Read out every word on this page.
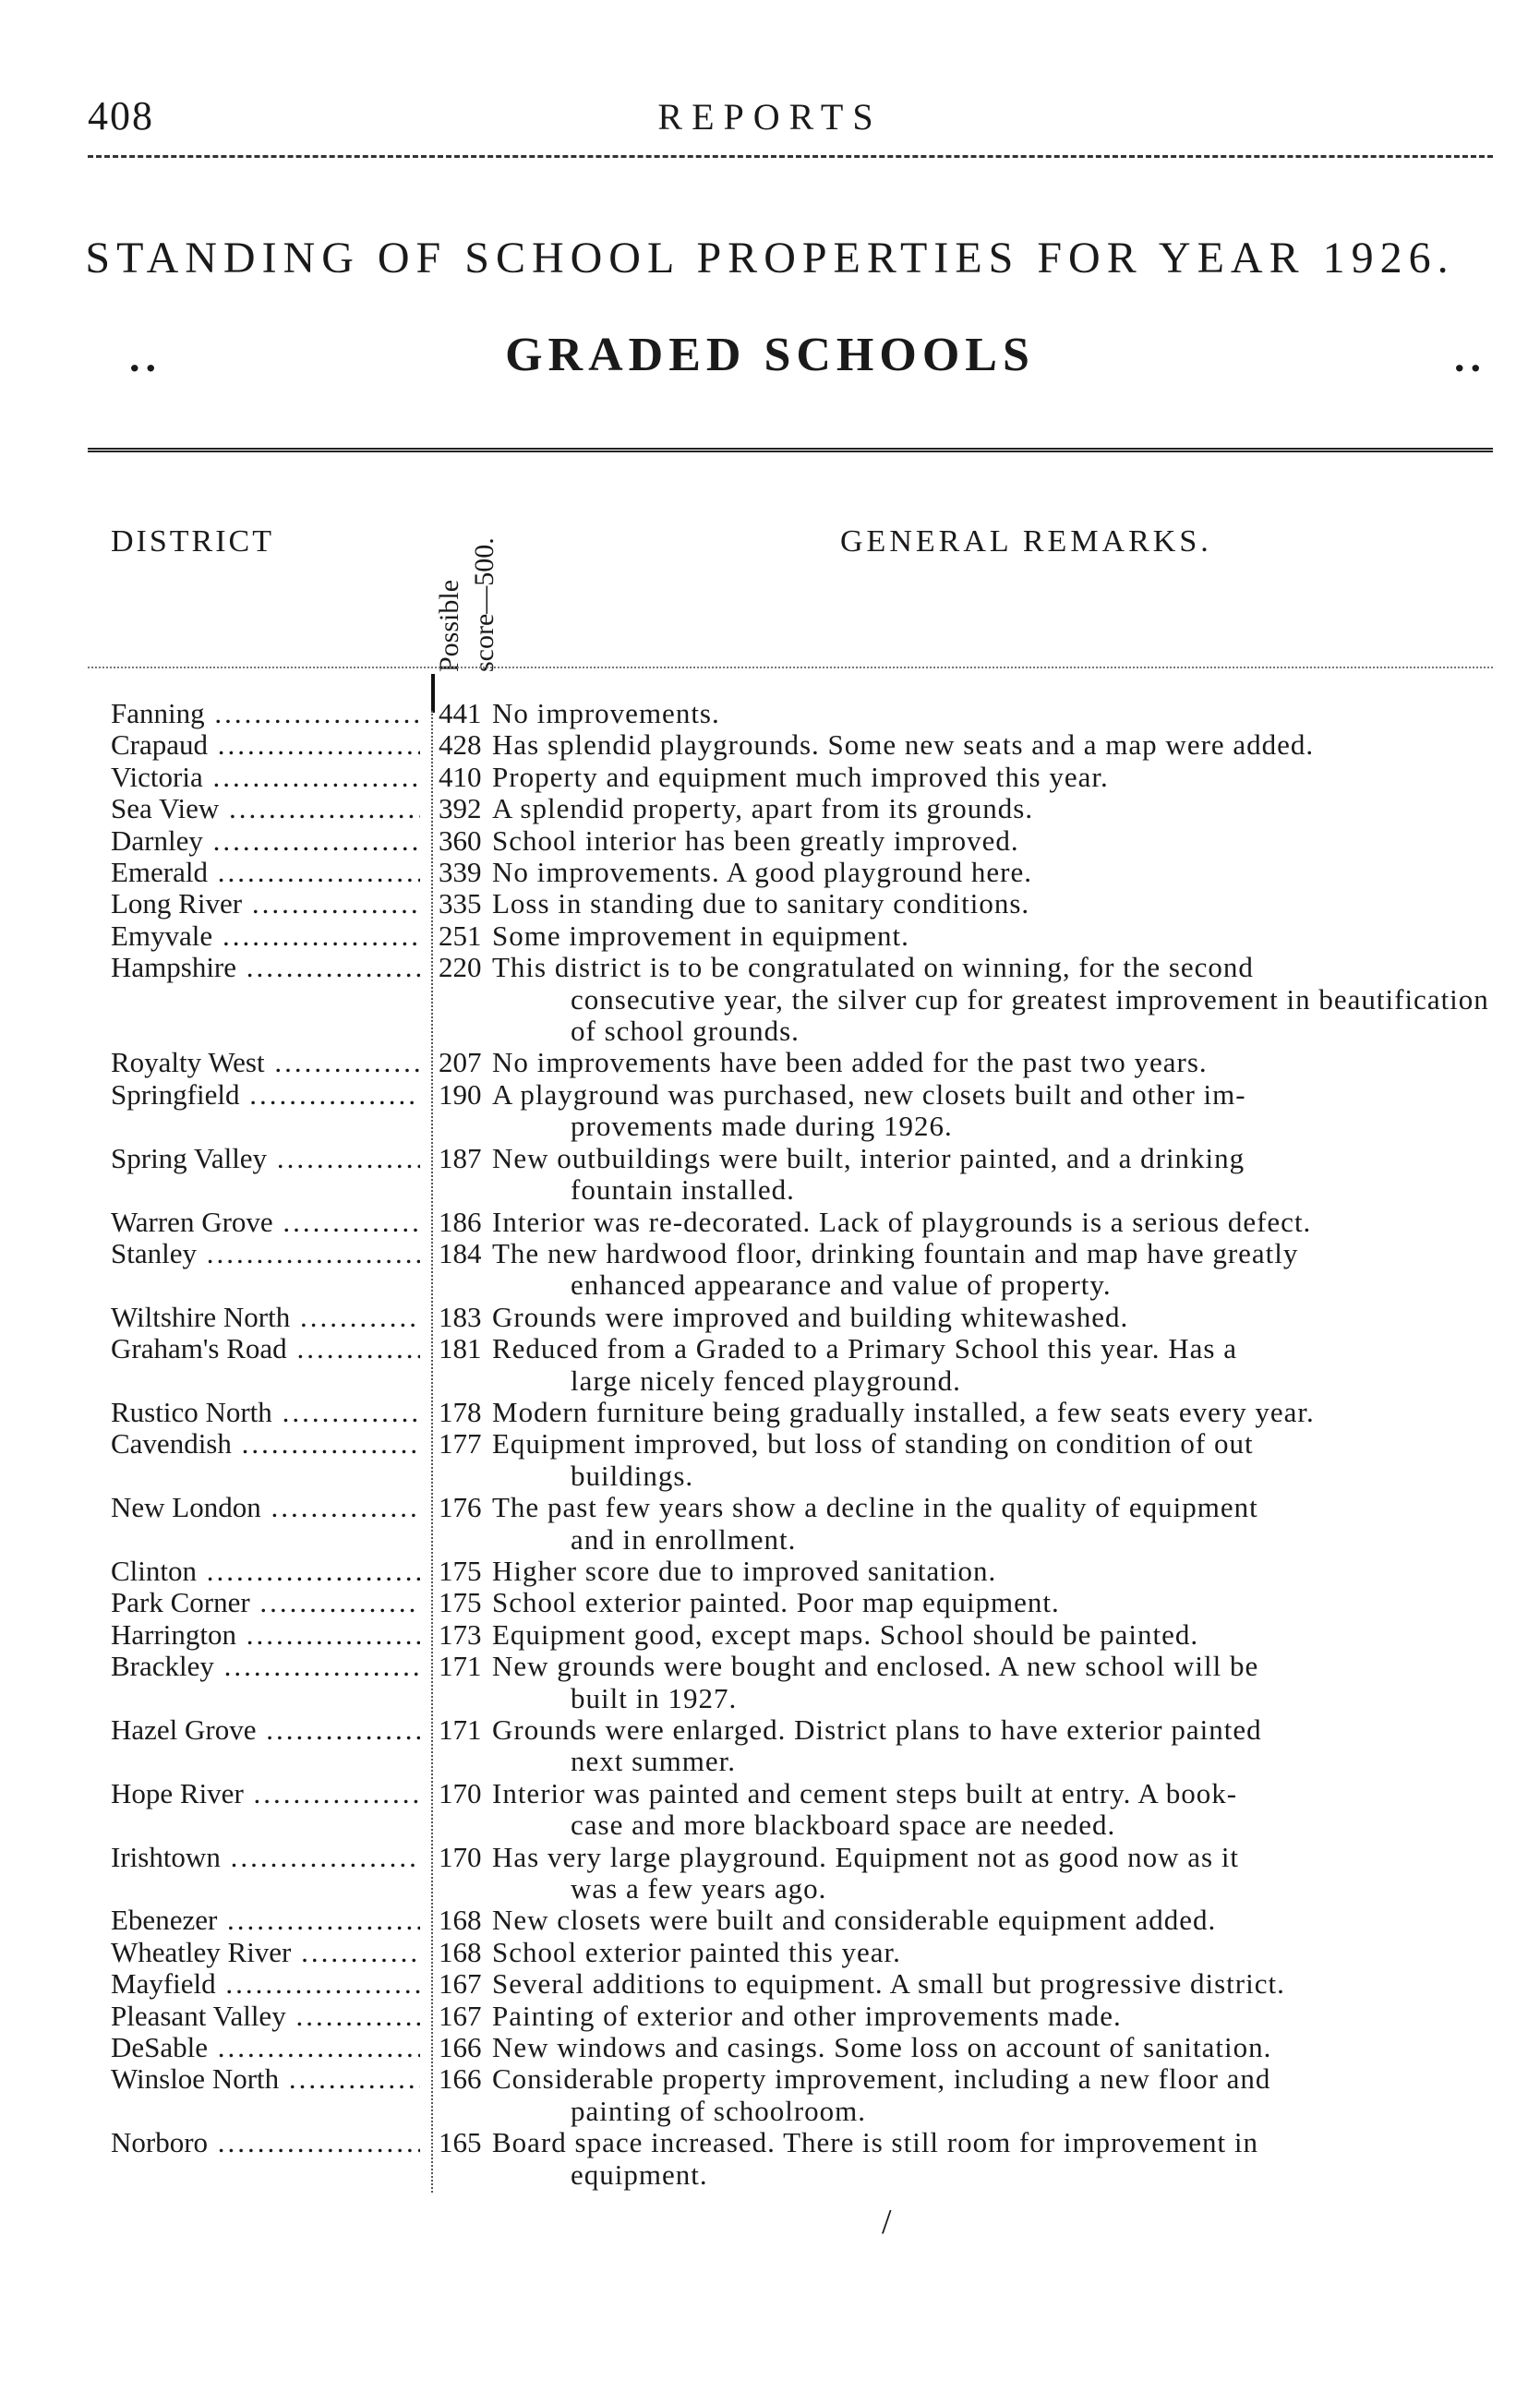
408	REPORTS
STANDING OF SCHOOL PROPERTIES FOR YEAR 1926.
..	GRADED SCHOOLS	..
DISTRICT
Possible score—500.	GENERAL REMARKS.
Fanning .....	441 No improvements.
Crapaud .....	428 Has splendid playgrounds. Some new seats and a map were added.
Victoria .....	410 Property and equipment much improved this year.
Sea View .....	392 A splendid property, apart from its grounds.
Darnley .....	360 School interior has been greatly improved.
Emerald .....	339 No improvements. A good playground here.
Long River .....	335 Loss in standing due to sanitary conditions.
Emyvale .....	251 Some improvement in equipment.
Hampshire .....	220 This district is to be congratulated on winning, for the second
consecutive year, the silver cup for greatest improvement in beautification of school grounds.
Royalty West .....	207 No improvements have been added for the past two years.
Springfield .....	190 A playground was purchased, new closets built and other im-
provements made during 1926.
Spring Valley .....	187 New outbuildings were built, interior painted, and a drinking
fountain installed.
Warren Grove .....	186 Interior was re-decorated. Lack of playgrounds is a serious defect.
Stanley .....	184 The new hardwood floor, drinking fountain and map have greatly
enhanced appearance and value of property.
Wiltshire North .....	183 Grounds were improved and building whitewashed.
Graham's Road .....	181 Reduced from a Graded to a Primary School this year. Has a
large nicely fenced playground.
Rustico North .....	178 Modern furniture being gradually installed, a few seats every year.
Cavendish .....	177 Equipment improved, but loss of standing on condition of out
buildings.
New London .....	176 The past few years show a decline in the quality of equipment
and in enrollment.
Clinton .....	175 Higher score due to improved sanitation.
Park Corner .....	175 School exterior painted. Poor map equipment.
Harrington .....	173 Equipment good, except maps. School should be painted.
Brackley .....	171 New grounds were bought and enclosed. A new school will be
built in 1927.
Hazel Grove .....	171 Grounds were enlarged. District plans to have exterior painted
next summer.
Hope River .....	170 Interior was painted and cement steps built at entry. A book-
case and more blackboard space are needed.
Irishtown .....	170 Has very large playground. Equipment not as good now as it
was a few years ago.
Ebenezer .....	168 New closets were built and considerable equipment added.
Wheatley River .....	168 School exterior painted this year.
Mayfield .....	167 Several additions to equipment. A small but progressive district.
Pleasant Valley .....	167 Painting of exterior and other improvements made.
DeSable .....	166 New windows and casings. Some loss on account of sanitation.
Winsloe North .....	166 Considerable property improvement, including a new floor and
painting of schoolroom.
Norboro .....	165 Board space increased. There is still room for improvement in
equipment.
/
